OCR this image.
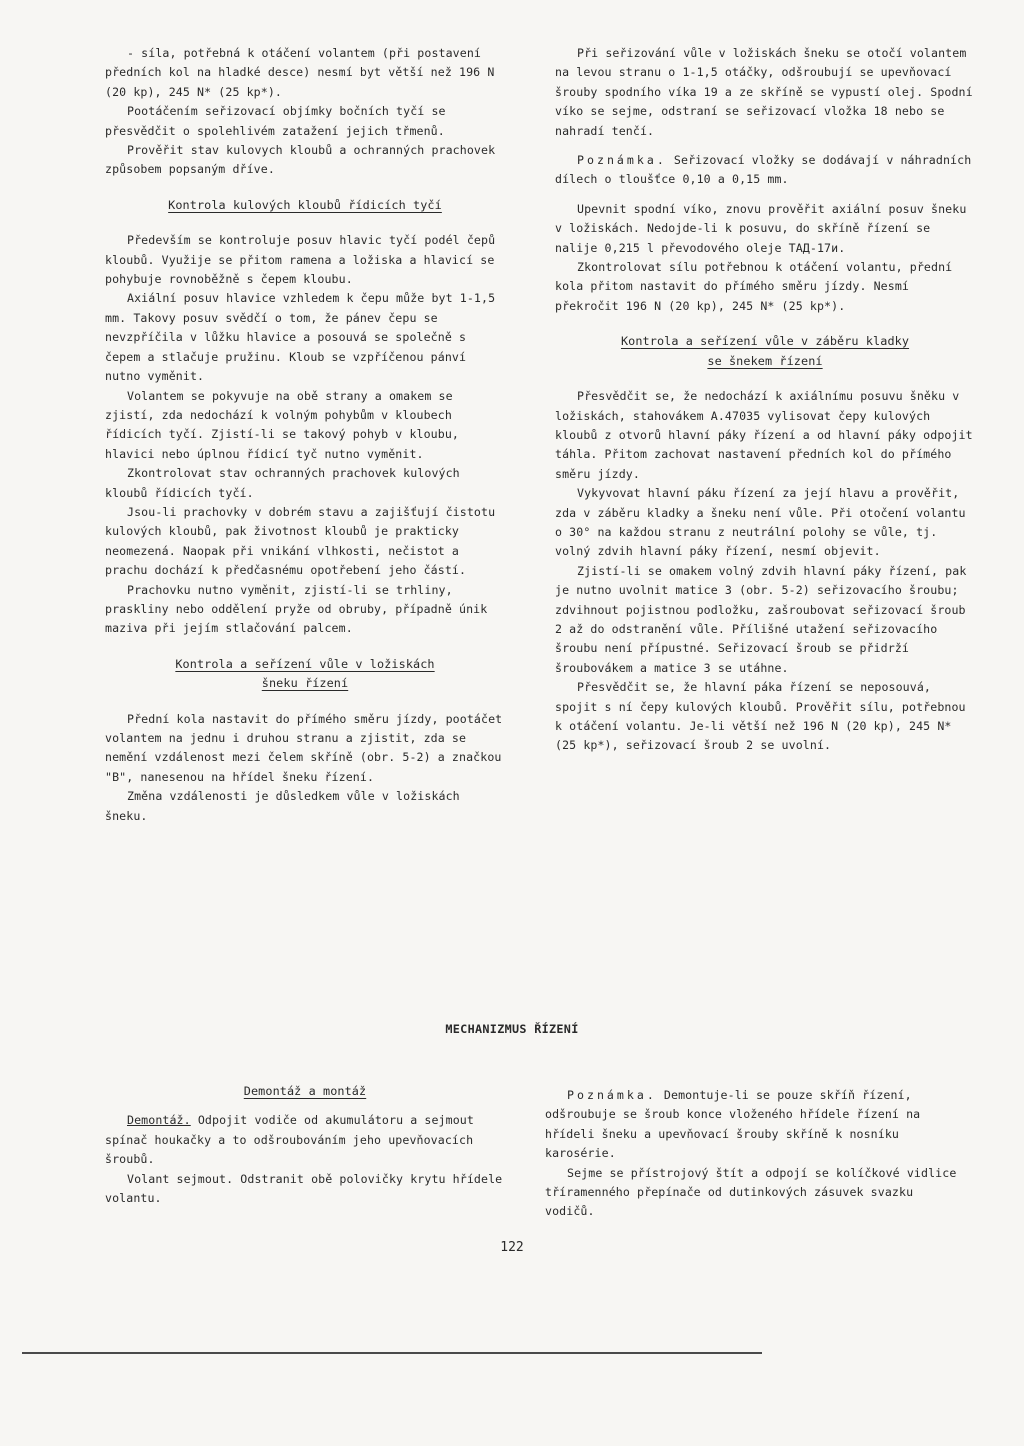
- síla, potřebná k otáčení volantem (při postavení předních kol na hladké desce) nesmí byt větší než 196 N (20 kp), 245 N* (25 kp*).

Pootáčením seřizovací objímky bočních tyčí se přesvědčit o spolehlivém zatažení jejich třmenů.

Prověřit stav kulovych kloubů a ochranných prachovek způsobem popsaným dříve.

Kontrola kulových kloubů řídicích tyčí

Především se kontroluje posuv hlavic tyčí podél čepů kloubů. Využije se přitom ramena a ložiska a hlavicí se pohybuje rovnoběžně s čepem kloubu.

Axiální posuv hlavice vzhledem k čepu může byt 1-1,5 mm. Takovy posuv svědčí o tom, že pánev čepu se nevzpříčila v lůžku hlavice a posouvá se společně s čepem a stlačuje pružinu. Kloub se vzpříčenou pánví nutno vyměnit.

Volantem se pokyvuje na obě strany a omakem se zjistí, zda nedochází k volným pohybům v kloubech řídicích tyčí. Zjistí-li se takový pohyb v kloubu, hlavici nebo úplnou řídicí tyč nutno vyměnit.

Zkontrolovat stav ochranných prachovek kulových kloubů řídicích tyčí.

Jsou-li prachovky v dobrém stavu a zajišťují čistotu kulových kloubů, pak životnost kloubů je prakticky neomezená. Naopak při vnikání vlhkosti, nečistot a prachu dochází k předčasnému opotřebení jeho částí.

Prachovku nutno vyměnit, zjistí-li se trhliny, praskliny nebo oddělení pryže od obruby, případně únik maziva při jejím stlačování palcem.

Kontrola a seřízení vůle v ložiskách

šneku řízení

Přední kola nastavit do přímého směru jízdy, pootáčet volantem na jednu i druhou stranu a zjistit, zda se nemění vzdálenost mezi čelem skříně (obr. 5-2) a značkou "B", nanesenou na hřídel šneku řízení.

Změna vzdálenosti je důsledkem vůle v ložiskách šneku.

Při seřizování vůle v ložiskách šneku se otočí volantem na levou stranu o 1-1,5 otáčky, odšroubují se upevňovací šrouby spodního víka 19 a ze skříně se vypustí olej. Spodní víko se sejme, odstraní se seřizovací vložka 18 nebo se nahradí tenčí.

Poznámka. Seřizovací vložky se dodávají v náhradních dílech o tloušťce 0,10 a 0,15 mm.

Upevnit spodní víko, znovu prověřit axiální posuv šneku v ložiskách. Nedojde-li k posuvu, do skříně řízení se nalije 0,215 l převodového oleje ТАД-17и.

Zkontrolovat sílu potřebnou k otáčení volantu, přední kola přitom nastavit do přímého směru jízdy. Nesmí překročit 196 N (20 kp), 245 N* (25 kp*).

Kontrola a seřízení vůle v záběru kladky

se šnekem řízení

Přesvědčit se, že nedochází k axiálnímu posuvu šněku v ložiskách, stahovákem A.47035 vylisovat čepy kulových kloubů z otvorů hlavní páky řízení a od hlavní páky odpojit táhla. Přitom zachovat nastavení předních kol do přímého směru jízdy.

Vykyvovat hlavní páku řízení za její hlavu a prověřit, zda v záběru kladky a šneku není vůle. Při otočení volantu o 30° na každou stranu z neutrální polohy se vůle, tj. volný zdvih hlavní páky řízení, nesmí objevit.

Zjistí-li se omakem volný zdvih hlavní páky řízení, pak je nutno uvolnit matice 3 (obr. 5-2) seřizovacího šroubu; zdvihnout pojistnou podložku, zašroubovat seřizovací šroub 2 až do odstranění vůle. Přílišné utažení seřizovacího šroubu není přípustné. Seřizovací šroub se přidrží šroubovákem a matice 3 se utáhne.

Přesvědčit se, že hlavní páka řízení se neposouvá, spojit s ní čepy kulových kloubů. Prověřit sílu, potřebnou k otáčení volantu. Je-li větší než 196 N (20 kp), 245 N* (25 kp*), seřizovací šroub 2 se uvolní.

MECHANIZMUS ŘÍZENÍ

Demontáž a montáž

Demontáž. Odpojit vodiče od akumulátoru a sejmout spínač houkačky a to odšroubováním jeho upevňovacích šroubů.

Volant sejmout. Odstranit obě polovičky krytu hřídele volantu.

Poznámka. Demontuje-li se pouze skříň řízení, odšroubuje se šroub konce vloženého hřídele řízení na hřídeli šneku a upevňovací šrouby skříně k nosníku karosérie.

Sejme se přístrojový štít a odpojí se kolíčkové vidlice tříramenného přepínače od dutinkových zásuvek svazku vodičů.

122
